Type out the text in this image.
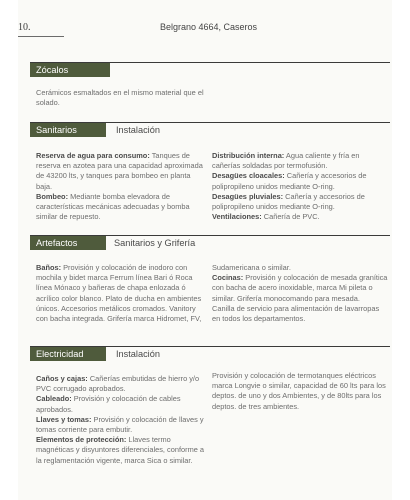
10.	Belgrano 4664, Caseros
Zócalos
Cerámicos esmaltados en el mismo material que el solado.
Sanitarios	Instalación
Reserva de agua para consumo: Tanques de reserva en azotea para una capacidad aproximada de 43200 lts, y tanques para bombeo en planta baja.
Bombeo: Mediante bomba elevadora de características mecánicas adecuadas y bomba similar de repuesto.
Distribución interna: Agua caliente y fría en cañerías soldadas por termofusión.
Desagües cloacales: Cañería y accesorios de polipropileno unidos mediante O-ring.
Desagües pluviales: Cañería y accesorios de polipropileno unidos mediante O-ring.
Ventilaciones: Cañería de PVC.
Artefactos	Sanitarios y Grifería
Baños: Provisión y colocación de inodoro con mochila y bidet marca Ferrum línea Bari ó Roca línea Mónaco y bañeras de chapa enlozada ó acrílico color blanco. Plato de ducha en ambientes únicos. Accesorios metálicos cromados. Vanitory con bacha integrada. Grifería marca Hidromet, FV,
Sudamericana o similar.
Cocinas: Provisión y colocación de mesada granítica con bacha de acero inoxidable, marca Mi pileta o similar. Grifería monocomando para mesada.
Canilla de servicio para alimentación de lavarropas en todos los departamentos.
Electricidad	Instalación
Caños y cajas: Cañerías embutidas de hierro y/o PVC corrugado aprobados.
Cableado: Provisión y colocación de cables aprobados.
Llaves y tomas: Provisión y colocación de llaves y tomas corriente para embutir.
Elementos de protección: Llaves termo magnéticas y disyuntores diferenciales, conforme a la reglamentación vigente, marca Sica o similar.
Provisión y colocación de termotanques eléctricos marca Longvie o similar, capacidad de 60 lts para los deptos. de uno y dos Ambientes, y de 80lts para los deptos. de tres ambientes.
